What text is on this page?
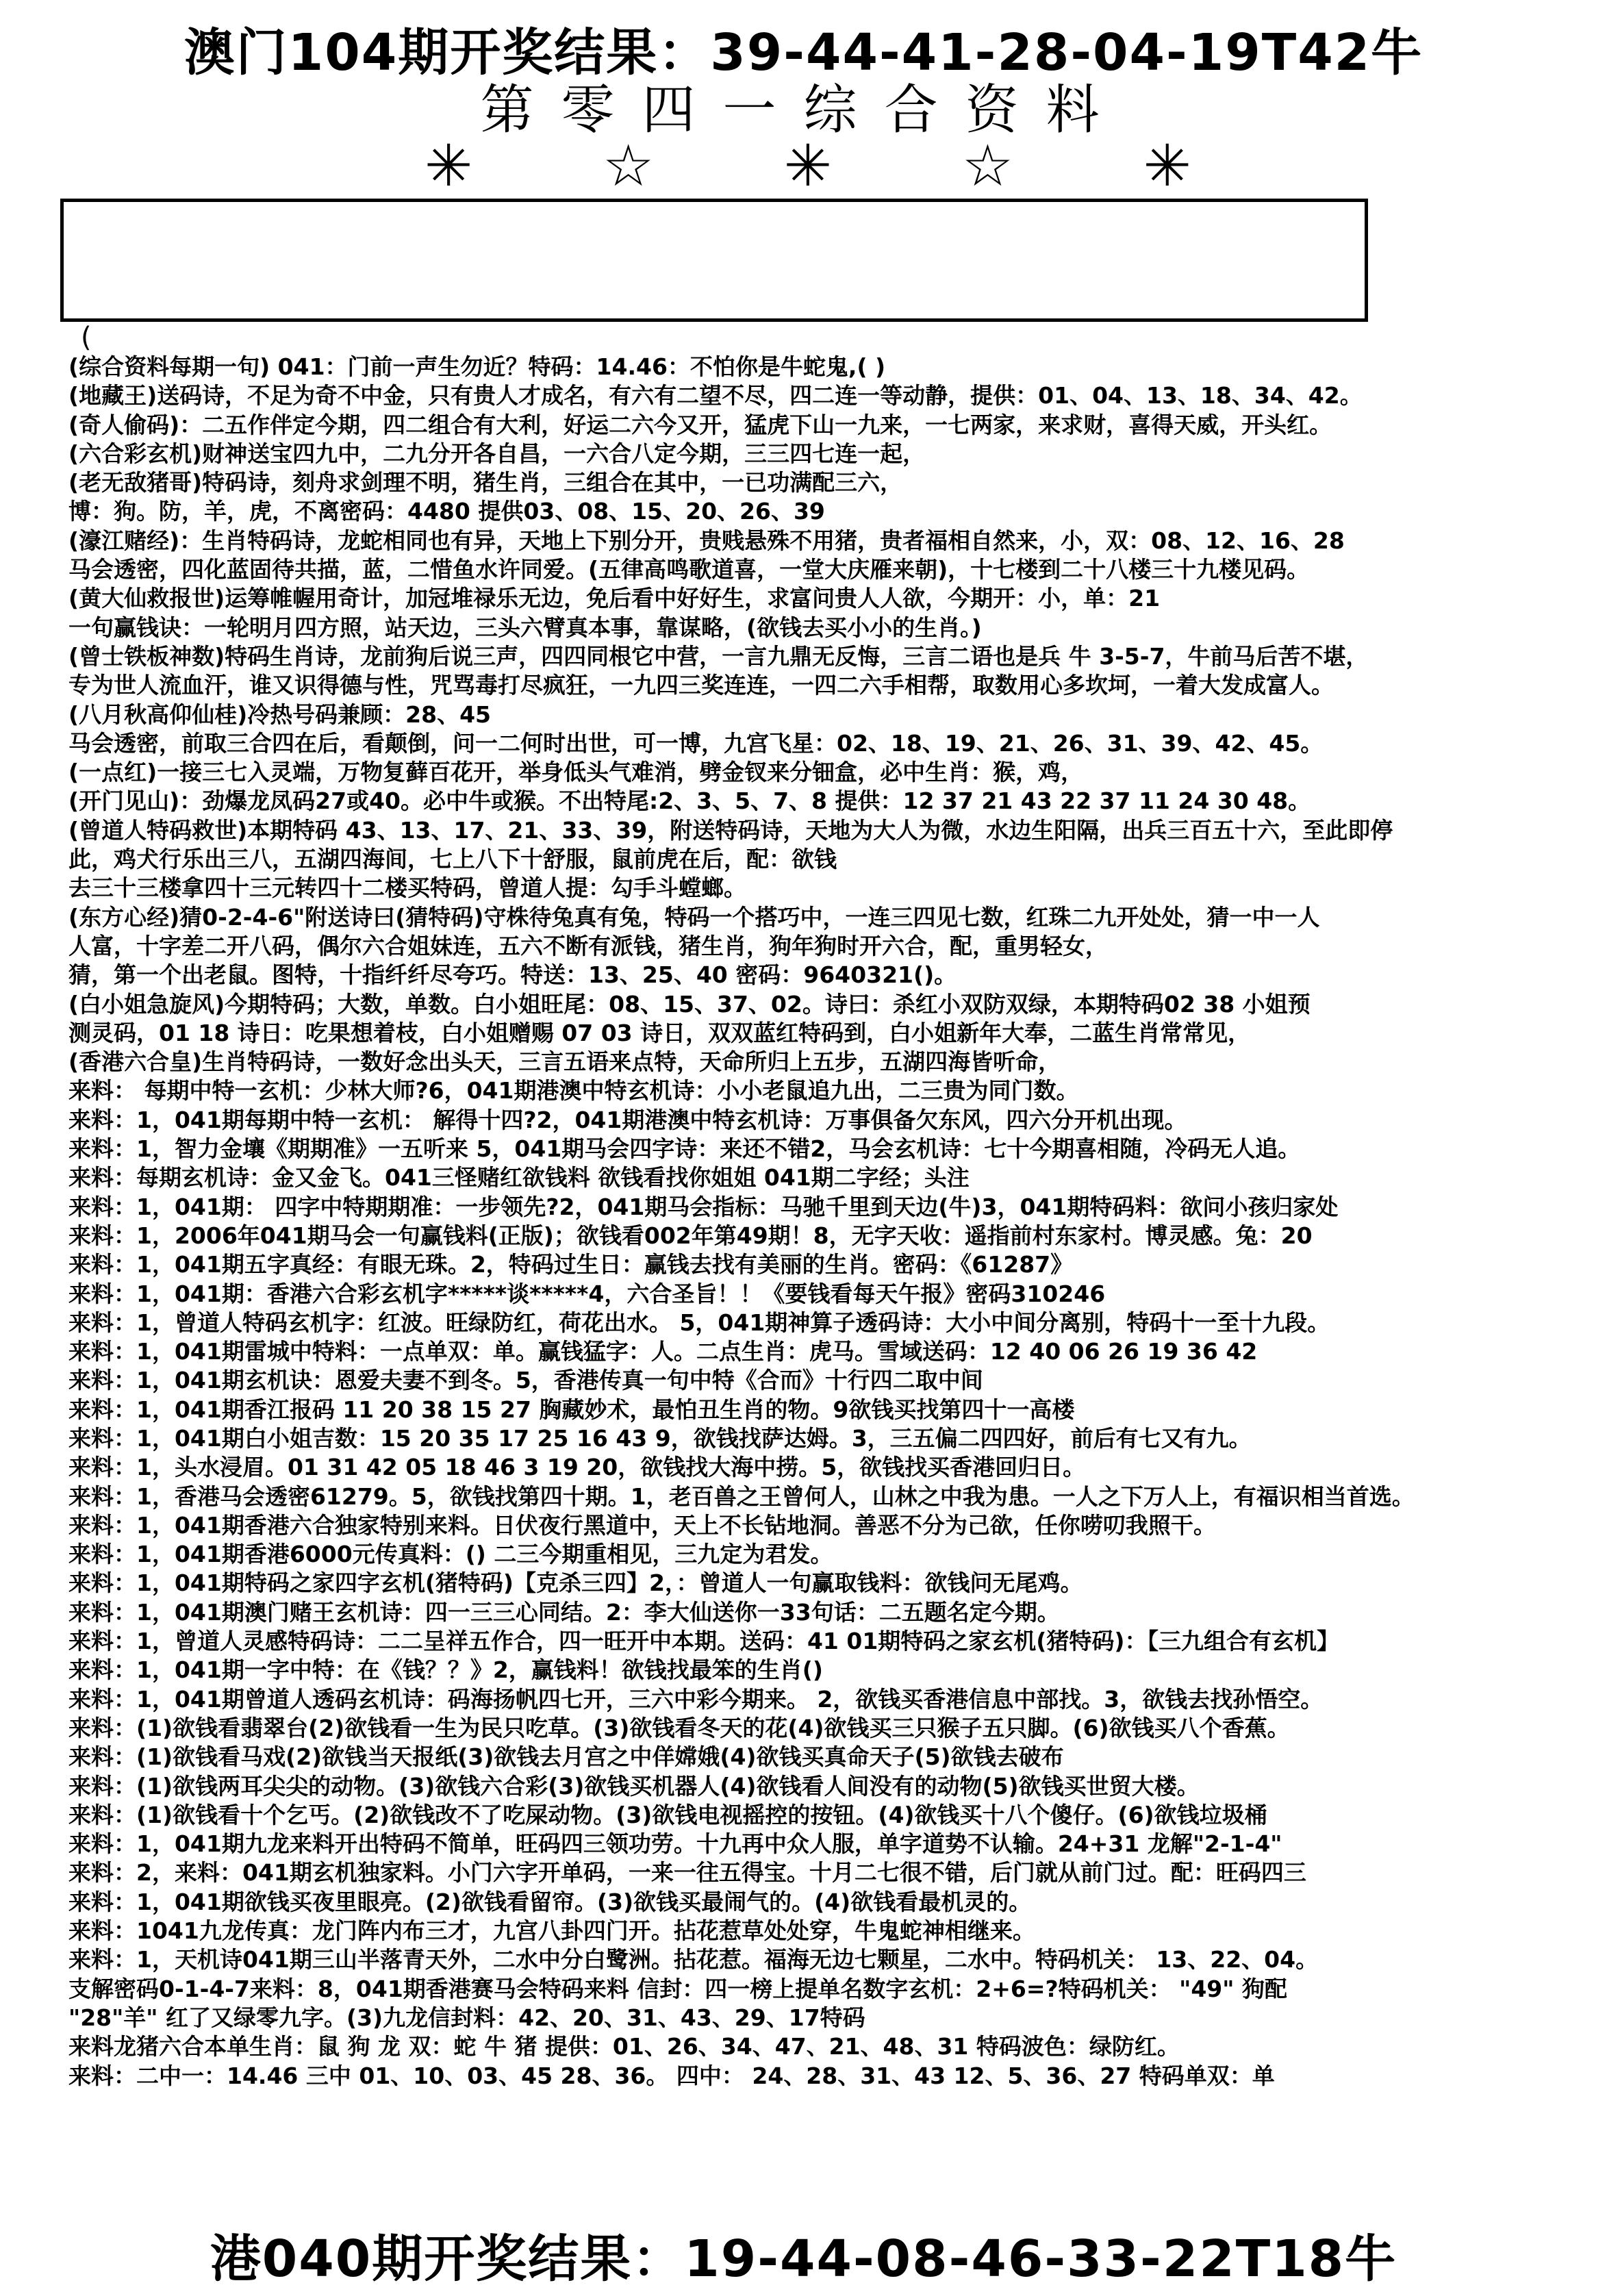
澳门104期开奖结果：39-44-41-28-04-19T42牛
第零四一综合资料
✳ ☆ ✳ ☆ ✳
(
(综合资料每期一句) 041：门前一声生勿近？特码：14.46：不怕你是牛蛇鬼,( )
(地藏王)送码诗，不足为奇不中金，只有贵人才成名，有六有二望不尽，四二连一等动静，提供：01、04、13、18、34、42。
(奇人偷码)：二五作伴定今期，四二组合有大利，好运二六今又开，猛虎下山一九来，一七两家，来求财，喜得天威，开头红。
(六合彩玄机)财神送宝四九中，二九分开各自昌，一六合八定今期，三三四七连一起，
(老无敌猪哥)特码诗，刻舟求剑理不明，猪生肖，三组合在其中，一已功满配三六，
博：狗。防，羊，虎，不离密码：4480 提供03、08、15、20、26、39
(濠江赌经)：生肖特码诗，龙蛇相同也有异，天地上下别分开，贵贱悬殊不用猪，贵者福相自然来，小，双：08、12、16、28
马会透密，四化蓝固待共描，蓝，二惜鱼水许同爱。(五律高鸣歌道喜，一堂大庆雁来朝)，十七楼到二十八楼三十九楼见码。
(黄大仙救报世)运筹帷幄用奇计，加冠堆禄乐无边，免后看中好好生，求富问贵人人欲，今期开：小，单：21
一句赢钱诀：一轮明月四方照，站天边，三头六臂真本事，靠谋略，(欲钱去买小小的生肖。)
(曾士铁板神数)特码生肖诗，龙前狗后说三声，四四同根它中营，一言九鼎无反悔，三言二语也是兵 牛 3-5-7，牛前马后苦不堪，
专为世人流血汗，谁又识得德与性，咒骂毒打尽疯狂，一九四三奖连连，一四二六手相帮，取数用心多坎坷，一着大发成富人。
(八月秋高仰仙桂)冷热号码兼顾：28、45
马会透密，前取三合四在后，看颠倒，问一二何时出世，可一博，九宫飞星：02、18、19、21、26、31、39、42、45。
(一点红)一接三七入灵端，万物复藓百花开，举身低头气难消，劈金钗来分钿盒，必中生肖：猴，鸡，
(开门见山)：劲爆龙凤码27或40。必中牛或猴。不出特尾:2、3、5、7、8 提供：12 37 21 43 22 37 11 24 30 48。
(曾道人特码救世)本期特码 43、13、17、21、33、39，附送特码诗，天地为大人为微，水边生阳隔，出兵三百五十六，至此即停
此，鸡犬行乐出三八，五湖四海间，七上八下十舒服，鼠前虎在后，配：欲钱
去三十三楼拿四十三元转四十二楼买特码，曾道人提：勾手斗螳螂。
(东方心经)猜0-2-4-6"附送诗曰(猜特码)守株待兔真有兔，特码一个搭巧中，一连三四见七数，红珠二九开处处，猜一中一人
人富，十字差二开八码，偶尔六合姐妹连，五六不断有派钱，猪生肖，狗年狗时开六合，配，重男轻女，
猜，第一个出老鼠。图特，十指纤纤尽夸巧。特送：13、25、40 密码：9640321()。
(白小姐急旋风)今期特码；大数，单数。白小姐旺尾：08、15、37、02。诗曰：杀红小双防双绿，本期特码02 38 小姐预
测灵码，01 18 诗日：吃果想着枝，白小姐赠赐 07 03 诗日，双双蓝红特码到，白小姐新年大奉，二蓝生肖常常见，
(香港六合皇)生肖特码诗，一数好念出头天，三言五语来点特，天命所归上五步，五湖四海皆听命，
来料： 每期中特一玄机：少林大师?6，041期港澳中特玄机诗：小小老鼠追九出，二三贵为同门数。
来料：1，041期每期中特一玄机： 解得十四?2，041期港澳中特玄机诗：万事俱备欠东风，四六分开机出现。
来料：1，智力金壤《期期准》一五听来 5，041期马会四字诗：来还不错2，马会玄机诗：七十今期喜相随，冷码无人追。
来料：每期玄机诗：金又金飞。041三怪赌红欲钱料 欲钱看找你姐姐 041期二字经；头注
来料：1，041期： 四字中特期期准：一步领先?2，041期马会指标：马驰千里到天边(牛)3，041期特码料：欲问小孩归家处
来料：1，2006年041期马会一句赢钱料(正版)；欲钱看002年第49期！8，无字天收：遥指前村东家村。博灵感。兔：20
来料：1，041期五字真经：有眼无珠。2，特码过生日：赢钱去找有美丽的生肖。密码：《61287》
来料：1，041期：香港六合彩玄机字*****谈*****4，六合圣旨！！《要钱看每天午报》密码310246
来料：1，曾道人特码玄机字：红波。旺绿防红，荷花出水。 5，041期神算子透码诗：大小中间分离别，特码十一至十九段。
来料：1，041期雷城中特料：一点单双：单。赢钱猛字：人。二点生肖：虎马。雪域送码：12 40 06 26 19 36 42
来料：1，041期玄机诀：恩爱夫妻不到冬。5，香港传真一句中特《合而》十行四二取中间
来料：1，041期香江报码 11 20 38 15 27 胸藏妙术，最怕丑生肖的物。9欲钱买找第四十一高楼
来料：1，041期白小姐吉数：15 20 35 17 25 16 43 9，欲钱找萨达姆。3，三五偏二四四好，前后有七又有九。
来料：1，头水浸眉。01 31 42 05 18 46 3 19 20，欲钱找大海中捞。5，欲钱找买香港回归日。
来料：1，香港马会透密61279。5，欲钱找第四十期。1，老百兽之王曾何人，山林之中我为患。一人之下万人上，有福识相当首选。
来料：1，041期香港六合独家特别来料。日伏夜行黑道中，天上不长钻地洞。善恶不分为己欲，任你唠叨我照干。
来料：1，041期香港6000元传真料：() 二三今期重相见，三九定为君发。
来料：1，041期特码之家四字玄机(猪特码)【克杀三四】2，：曾道人一句赢取钱料：欲钱问无尾鸡。
来料：1，041期澳门赌王玄机诗：四一三三心同结。2：李大仙送你一33句话：二五题名定今期。
来料：1，曾道人灵感特码诗：二二呈祥五作合，四一旺开中本期。送码：41 01期特码之家玄机(猪特码)：【三九组合有玄机】
来料：1，041期一字中特：在《钱？？》2，赢钱料！欲钱找最笨的生肖()
来料：1，041期曾道人透码玄机诗：码海扬帆四七开，三六中彩今期来。 2，欲钱买香港信息中部找。3，欲钱去找孙悟空。
来料：(1)欲钱看翡翠台(2)欲钱看一生为民只吃草。(3)欲钱看冬天的花(4)欲钱买三只猴子五只脚。(6)欲钱买八个香蕉。
来料：(1)欲钱看马戏(2)欲钱当天报纸(3)欲钱去月宫之中佯嫦娥(4)欲钱买真命天子(5)欲钱去破布
来料：(1)欲钱两耳尖尖的动物。(3)欲钱六合彩(3)欲钱买机器人(4)欲钱看人间没有的动物(5)欲钱买世贸大楼。
来料：(1)欲钱看十个乞丐。(2)欲钱改不了吃屎动物。(3)欲钱电视摇控的按钮。(4)欲钱买十八个傻仔。(6)欲钱垃圾桶
来料：1，041期九龙来料开出特码不简单，旺码四三领功劳。十九再中众人服，单字道势不认输。24+31 龙解"2-1-4"
来料：2，来料：041期玄机独家料。小门六字开单码，一来一往五得宝。十月二七很不错，后门就从前门过。配：旺码四三
来料：1，041期欲钱买夜里眼亮。(2)欲钱看留帘。(3)欲钱买最闹气的。(4)欲钱看最机灵的。
来料：1041九龙传真：龙门阵内布三才，九宫八卦四门开。拈花惹草处处穿，牛鬼蛇神相继来。
来料：1，天机诗041期三山半落青天外，二水中分白鹭洲。拈花惹。福海无边七颗星，二水中。特码机关： 13、22、04。
支解密码0-1-4-7来料：8，041期香港赛马会特码来料 信封：四一榜上提单名数字玄机：2+6=?特码机关： "49" 狗配
"28"羊" 红了又绿零九字。(3)九龙信封料：42、20、31、43、29、17特码
来料龙猪六合本单生肖：鼠 狗 龙 双：蛇 牛 猪 提供：01、26、34、47、21、48、31 特码波色：绿防红。
来料：二中一：14.46 三中 01、10、03、45 28、36。 四中： 24、28、31、43 12、5、36、27 特码单双：单
港040期开奖结果：19-44-08-46-33-22T18牛
